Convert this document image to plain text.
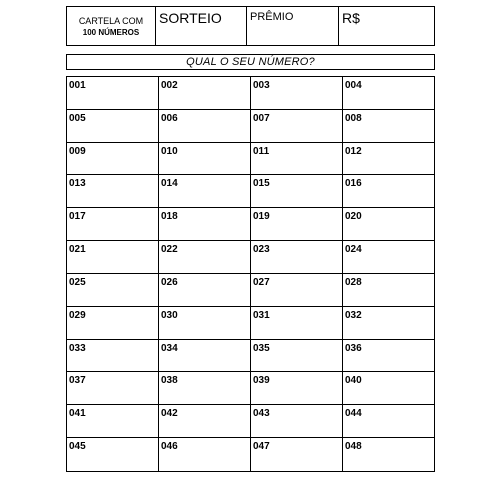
CARTELA COM
100 NÚMEROS
SORTEIO	PRÊMIO	R$
QUAL O SEU NÚMERO?
001	002	003	004
005	006	007	008
009	010	011	012
013	014	015	016
017	018	019	020
021	022	023	024
025	026	027	028
029	030	031	032
033	034	035	036
037	038	039	040
041	042	043	044
045	046	047	048
